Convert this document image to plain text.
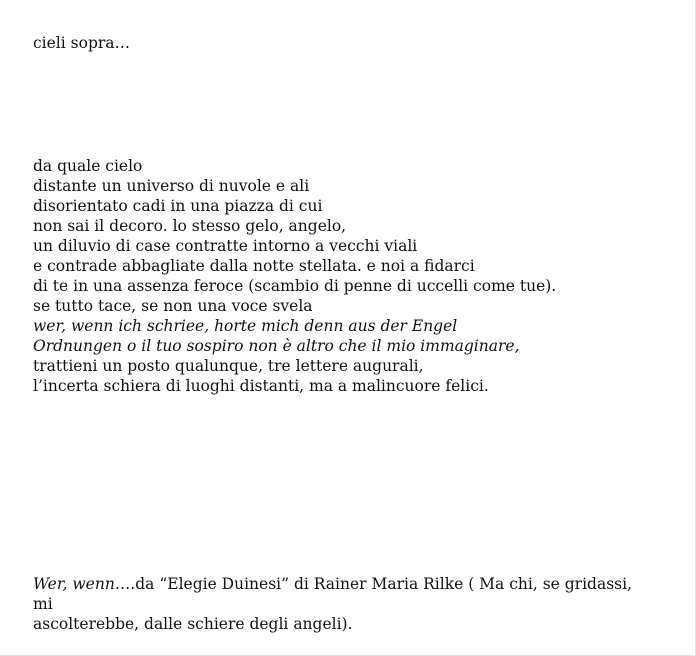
cieli sopra…
da quale cielo
distante un universo di nuvole e ali
disorientato cadi in una piazza di cui
non sai il decoro. lo stesso gelo, angelo,
un diluvio di case contratte intorno a vecchi viali
e contrade abbagliate dalla notte stellata. e noi a fidarci
di te in una assenza feroce (scambio di penne di uccelli come tue).
se tutto tace, se non una voce svela
wer, wenn ich schriee, horte mich denn aus der Engel
Ordnungen o il tuo sospiro non è altro che il mio immaginare,
trattieni un posto qualunque, tre lettere augurali,
l’incerta schiera di luoghi distanti, ma a malincuore felici.

Wer, wenn….da “Elegie Duinesi” di Rainer Maria Rilke ( Ma chi, se gridassi, mi
ascolterebbe, dalle schiere degli angeli).
